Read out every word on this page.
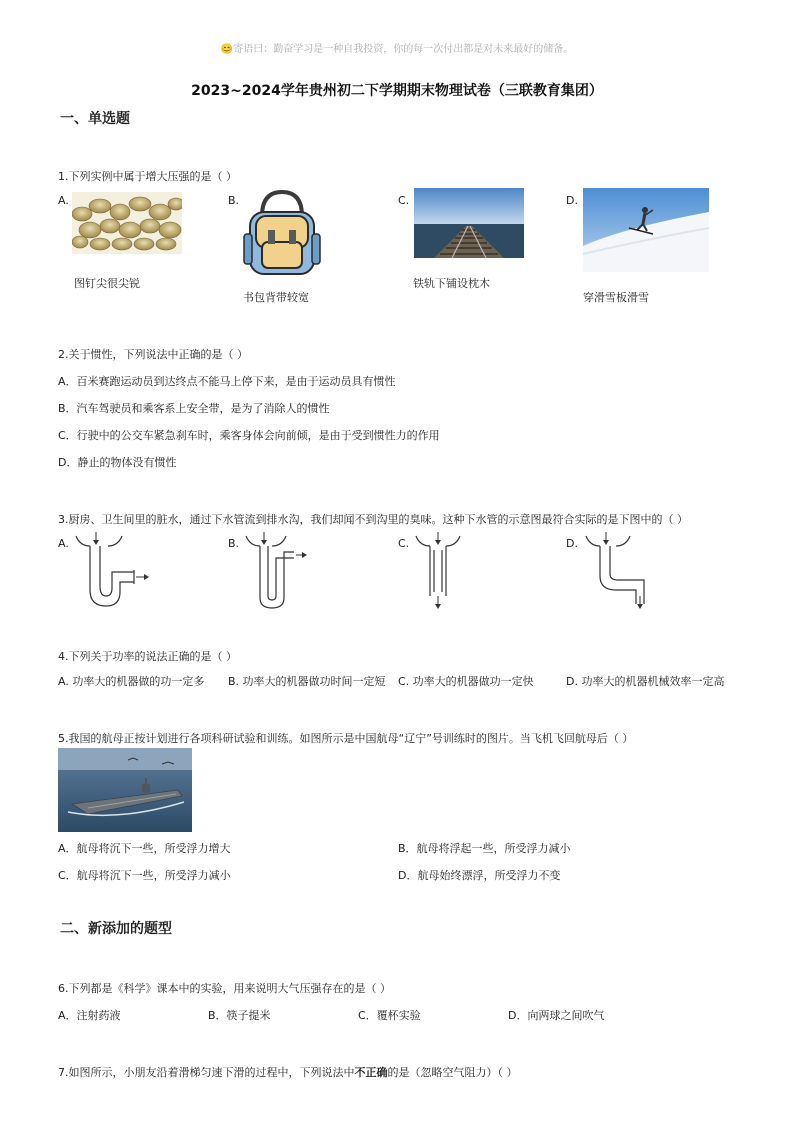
😊寄语曰：勤奋学习是一种自我投资，你的每一次付出都是对未来最好的储备。
2023~2024学年贵州初二下学期期末物理试卷（三联教育集团）
一、单选题
1.下列实例中属于增大压强的是（ ）
A.	B.	C.	D.
图钉尖很尖锐
书包背带较宽
铁轨下铺设枕木
穿滑雪板滑雪
2.关于惯性，下列说法中正确的是（ ）
A．百米赛跑运动员到达终点不能马上停下来，是由于运动员具有惯性
B．汽车驾驶员和乘客系上安全带，是为了消除人的惯性
C．行驶中的公交车紧急刹车时，乘客身体会向前倾，是由于受到惯性力的作用
D．静止的物体没有惯性
3.厨房、卫生间里的脏水，通过下水管流到排水沟，我们却闻不到沟里的臭味。这种下水管的示意图最符合实际的是下图中的（ ）
A.	B.	C.	D.
4.下列关于功率的说法正确的是（ ）
A. 功率大的机器做的功一定多 B. 功率大的机器做功时间一定短 C. 功率大的机器做功一定快	D. 功率大的机器机械效率一定高
5.我国的航母正按计划进行各项科研试验和训练。如图所示是中国航母“辽宁”号训练时的图片。当飞机飞回航母后（ ）
A．航母将沉下一些，所受浮力增大	B．航母将浮起一些，所受浮力减小
C．航母将沉下一些，所受浮力减小	D．航母始终漂浮，所受浮力不变
二、新添加的题型
6.下列都是《科学》课本中的实验，用来说明大气压强存在的是（ ）
A．注射药液	B．筷子提米	C．覆杯实验	D．向两球之间吹气
7.如图所示，小朋友沿着滑梯匀速下滑的过程中，下列说法中不正确的是（忽略空气阻力）（ ）
